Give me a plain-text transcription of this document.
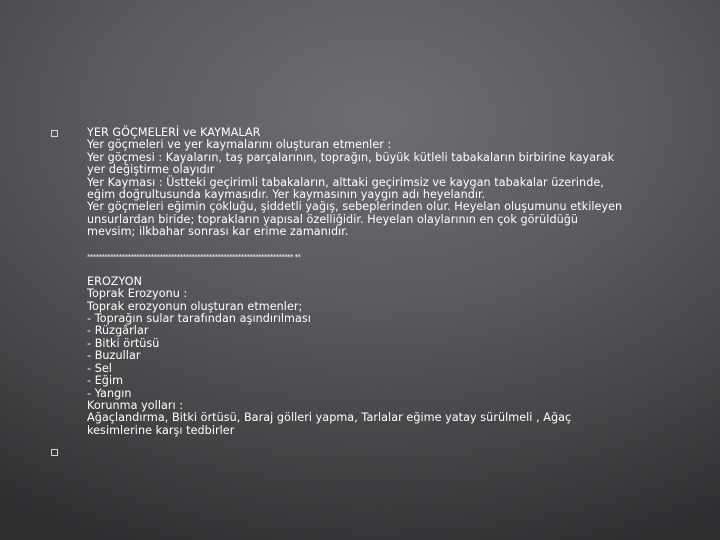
YER GÖÇMELERİ ve KAYMALAR
Yer göçmeleri ve yer kaymalarını oluşturan etmenler :
Yer göçmesi : Kayaların, taş parçalarının, toprağın, büyük kütleli tabakaların birbirine kayarak
yer değiştirme olayıdır
Yer Kayması : Üstteki geçirimli tabakaların, alttaki geçirimsiz ve kaygan tabakalar üzerinde,
eğim doğrultusunda kaymasıdır. Yer kaymasının yaygın adı heyelandır.
Yer göçmeleri eğimin çokluğu, şiddetli yağış, sebeplerinden olur. Heyelan oluşumunu etkileyen
unsurlardan biride; toprakların yapısal özelliğidir. Heyelan olaylarının en çok görüldüğü
mevsim; ilkbahar sonrası kar erime zamanıdır.
*********************************************************************** **
EROZYON
Toprak Erozyonu :
Toprak erozyonun oluşturan etmenler;
- Toprağın sular tarafından aşındırılması
- Rüzgârlar
- Bitki örtüsü
- Buzullar
- Sel
- Eğim
- Yangın
Korunma yolları :
Ağaçlandırma, Bitki örtüsü, Baraj gölleri yapma, Tarlalar eğime yatay sürülmeli , Ağaç
kesimlerine karşı tedbirler
